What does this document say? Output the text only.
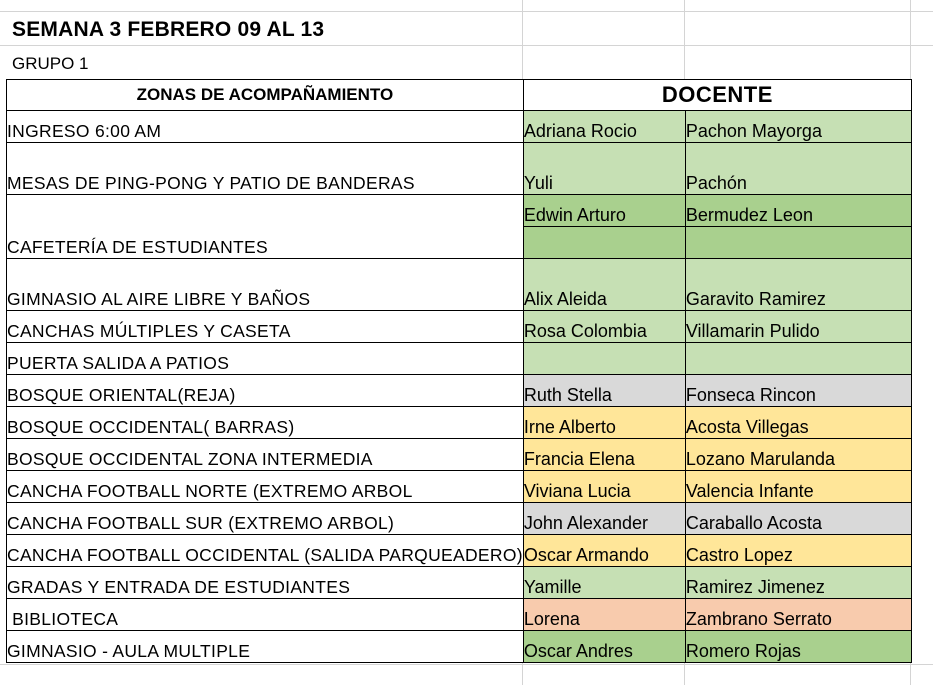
SEMANA 3 FEBRERO 09 AL 13
GRUPO 1
ZONAS DE ACOMPAÑAMIENTO	DOCENTE	
INGRESO 6:00 AM	Adriana Rocio	Pachon Mayorga
MESAS DE PING-PONG Y PATIO DE BANDERAS	Yuli	Pachón
CAFETERÍA DE ESTUDIANTES	Edwin Arturo	Bermudez Leon

GIMNASIO AL AIRE LIBRE Y BAÑOS	Alix Aleida	Garavito Ramirez
CANCHAS MÚLTIPLES Y CASETA	Rosa Colombia	Villamarin Pulido
PUERTA SALIDA A PATIOS		
BOSQUE ORIENTAL(REJA)	Ruth Stella	Fonseca Rincon
BOSQUE OCCIDENTAL( BARRAS)	Irne Alberto	Acosta Villegas
BOSQUE OCCIDENTAL ZONA INTERMEDIA	Francia Elena	Lozano Marulanda
CANCHA FOOTBALL NORTE (EXTREMO ARBOL	Viviana Lucia	Valencia Infante
CANCHA FOOTBALL SUR (EXTREMO ARBOL)	John Alexander	Caraballo Acosta
CANCHA FOOTBALL OCCIDENTAL (SALIDA PARQUEADERO)	Oscar Armando	Castro Lopez
GRADAS Y ENTRADA DE ESTUDIANTES	Yamille	Ramirez Jimenez
BIBLIOTECA	Lorena	Zambrano Serrato
GIMNASIO - AULA MULTIPLE	Oscar Andres	Romero Rojas
